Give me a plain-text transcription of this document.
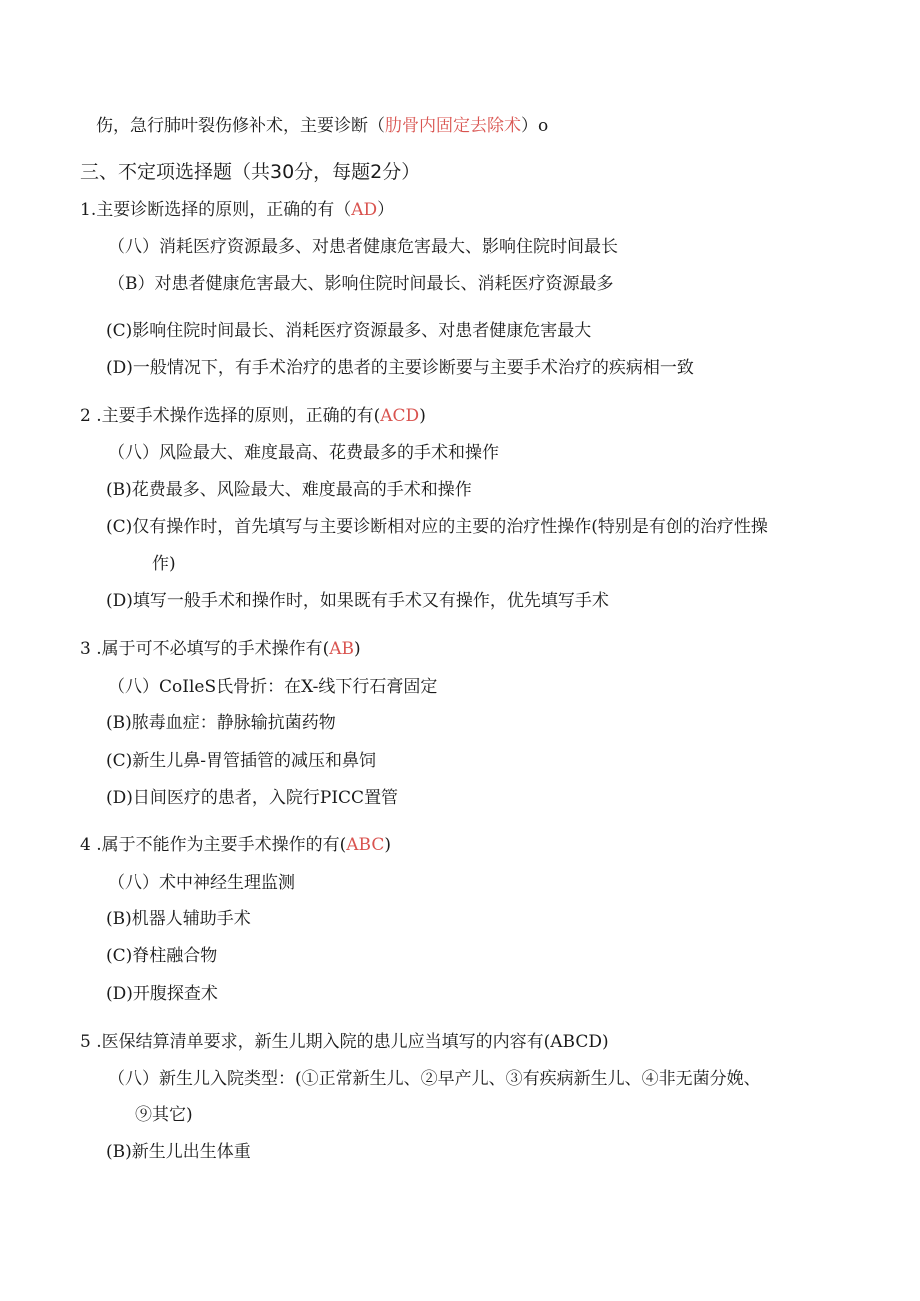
伤，急行肺叶裂伤修补术，主要诊断（肋骨内固定去除术）o
三、不定项选择题（共30分，每题2分）
1.主要诊断选择的原则，正确的有（AD）
（八）消耗医疗资源最多、对患者健康危害最大、影响住院时间最长
（B）对患者健康危害最大、影响住院时间最长、消耗医疗资源最多
(C)影响住院时间最长、消耗医疗资源最多、对患者健康危害最大
(D)一般情况下，有手术治疗的患者的主要诊断要与主要手术治疗的疾病相一致
2 .主要手术操作选择的原则，正确的有(ACD)
（八）风险最大、难度最高、花费最多的手术和操作
(B)花费最多、风险最大、难度最高的手术和操作
(C)仅有操作时，首先填写与主要诊断相对应的主要的治疗性操作(特别是有创的治疗性操
作)
(D)填写一般手术和操作时，如果既有手术又有操作，优先填写手术
3 .属于可不必填写的手术操作有(AB)
（八）CoIleS氏骨折：在X-线下行石膏固定
(B)脓毒血症：静脉输抗菌药物
(C)新生儿鼻-胃管插管的减压和鼻饲
(D)日间医疗的患者，入院行PICC置管
4 .属于不能作为主要手术操作的有(ABC)
（八）术中神经生理监测
(B)机器人辅助手术
(C)脊柱融合物
(D)开腹探查术
5 .医保结算清单要求，新生儿期入院的患儿应当填写的内容有(ABCD)
（八）新生儿入院类型：(①正常新生儿、②早产儿、③有疾病新生儿、④非无菌分娩、
⑨其它)
(B)新生儿出生体重
